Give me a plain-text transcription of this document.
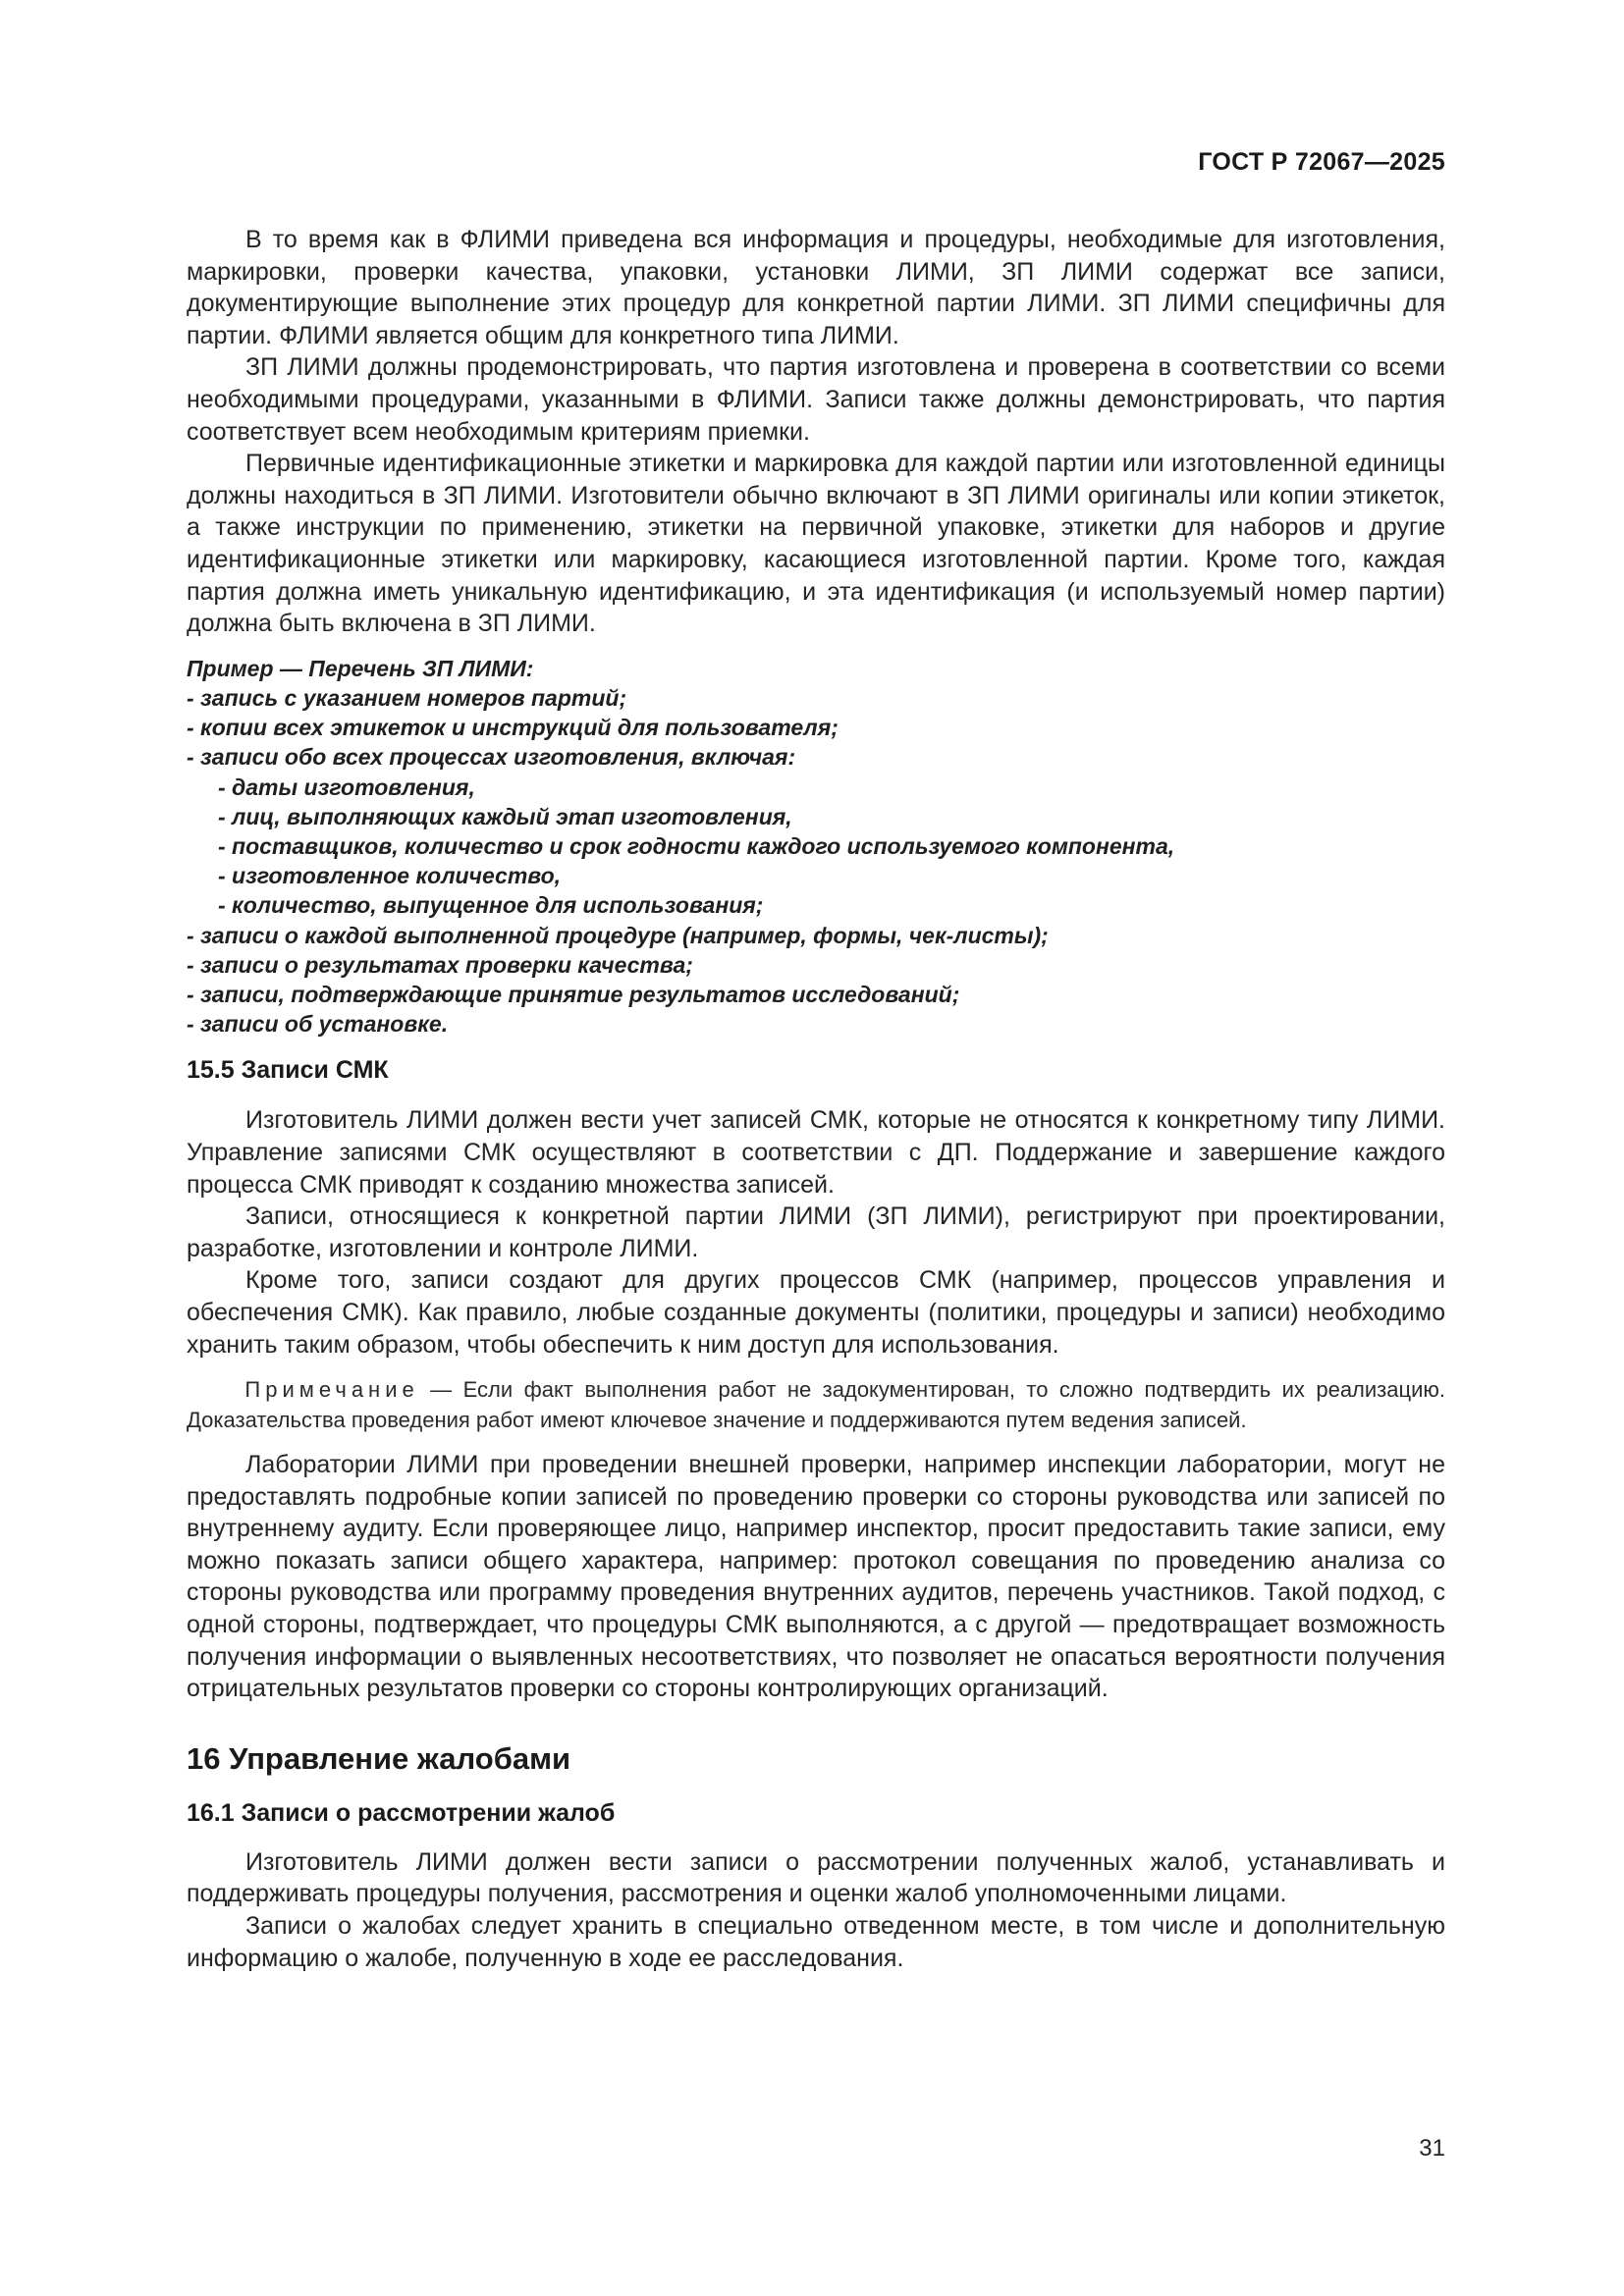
ГОСТ Р 72067—2025

В то время как в ФЛИМИ приведена вся информация и процедуры, необходимые для изготовления, маркировки, проверки качества, упаковки, установки ЛИМИ, ЗП ЛИМИ содержат все записи, документирующие выполнение этих процедур для конкретной партии ЛИМИ. ЗП ЛИМИ специфичны для партии. ФЛИМИ является общим для конкретного типа ЛИМИ.

ЗП ЛИМИ должны продемонстрировать, что партия изготовлена и проверена в соответствии со всеми необходимыми процедурами, указанными в ФЛИМИ. Записи также должны демонстрировать, что партия соответствует всем необходимым критериям приемки.

Первичные идентификационные этикетки и маркировка для каждой партии или изготовленной единицы должны находиться в ЗП ЛИМИ. Изготовители обычно включают в ЗП ЛИМИ оригиналы или копии этикеток, а также инструкции по применению, этикетки на первичной упаковке, этикетки для наборов и другие идентификационные этикетки или маркировку, касающиеся изготовленной партии. Кроме того, каждая партия должна иметь уникальную идентификацию, и эта идентификация (и используемый номер партии) должна быть включена в ЗП ЛИМИ.

Пример — Перечень ЗП ЛИМИ:
- запись с указанием номеров партий;
- копии всех этикеток и инструкций для пользователя;
- записи обо всех процессах изготовления, включая:
- даты изготовления,
- лиц, выполняющих каждый этап изготовления,
- поставщиков, количество и срок годности каждого используемого компонента,
- изготовленное количество,
- количество, выпущенное для использования;
- записи о каждой выполненной процедуре (например, формы, чек-листы);
- записи о результатах проверки качества;
- записи, подтверждающие принятие результатов исследований;
- записи об установке.
15.5 Записи СМК

Изготовитель ЛИМИ должен вести учет записей СМК, которые не относятся к конкретному типу ЛИМИ. Управление записями СМК осуществляют в соответствии с ДП. Поддержание и завершение каждого процесса СМК приводят к созданию множества записей.

Записи, относящиеся к конкретной партии ЛИМИ (ЗП ЛИМИ), регистрируют при проектировании, разработке, изготовлении и контроле ЛИМИ.

Кроме того, записи создают для других процессов СМК (например, процессов управления и обеспечения СМК). Как правило, любые созданные документы (политики, процедуры и записи) необходимо хранить таким образом, чтобы обеспечить к ним доступ для использования.

Примечание — Если факт выполнения работ не задокументирован, то сложно подтвердить их реализацию. Доказательства проведения работ имеют ключевое значение и поддерживаются путем ведения записей.

Лаборатории ЛИМИ при проведении внешней проверки, например инспекции лаборатории, могут не предоставлять подробные копии записей по проведению проверки со стороны руководства или записей по внутреннему аудиту. Если проверяющее лицо, например инспектор, просит предоставить такие записи, ему можно показать записи общего характера, например: протокол совещания по проведению анализа со стороны руководства или программу проведения внутренних аудитов, перечень участников. Такой подход, с одной стороны, подтверждает, что процедуры СМК выполняются, а с другой — предотвращает возможность получения информации о выявленных несоответствиях, что позволяет не опасаться вероятности получения отрицательных результатов проверки со стороны контролирующих организаций.

16 Управление жалобами
16.1 Записи о рассмотрении жалоб

Изготовитель ЛИМИ должен вести записи о рассмотрении полученных жалоб, устанавливать и поддерживать процедуры получения, рассмотрения и оценки жалоб уполномоченными лицами.

Записи о жалобах следует хранить в специально отведенном месте, в том числе и дополнительную информацию о жалобе, полученную в ходе ее расследования.

31
